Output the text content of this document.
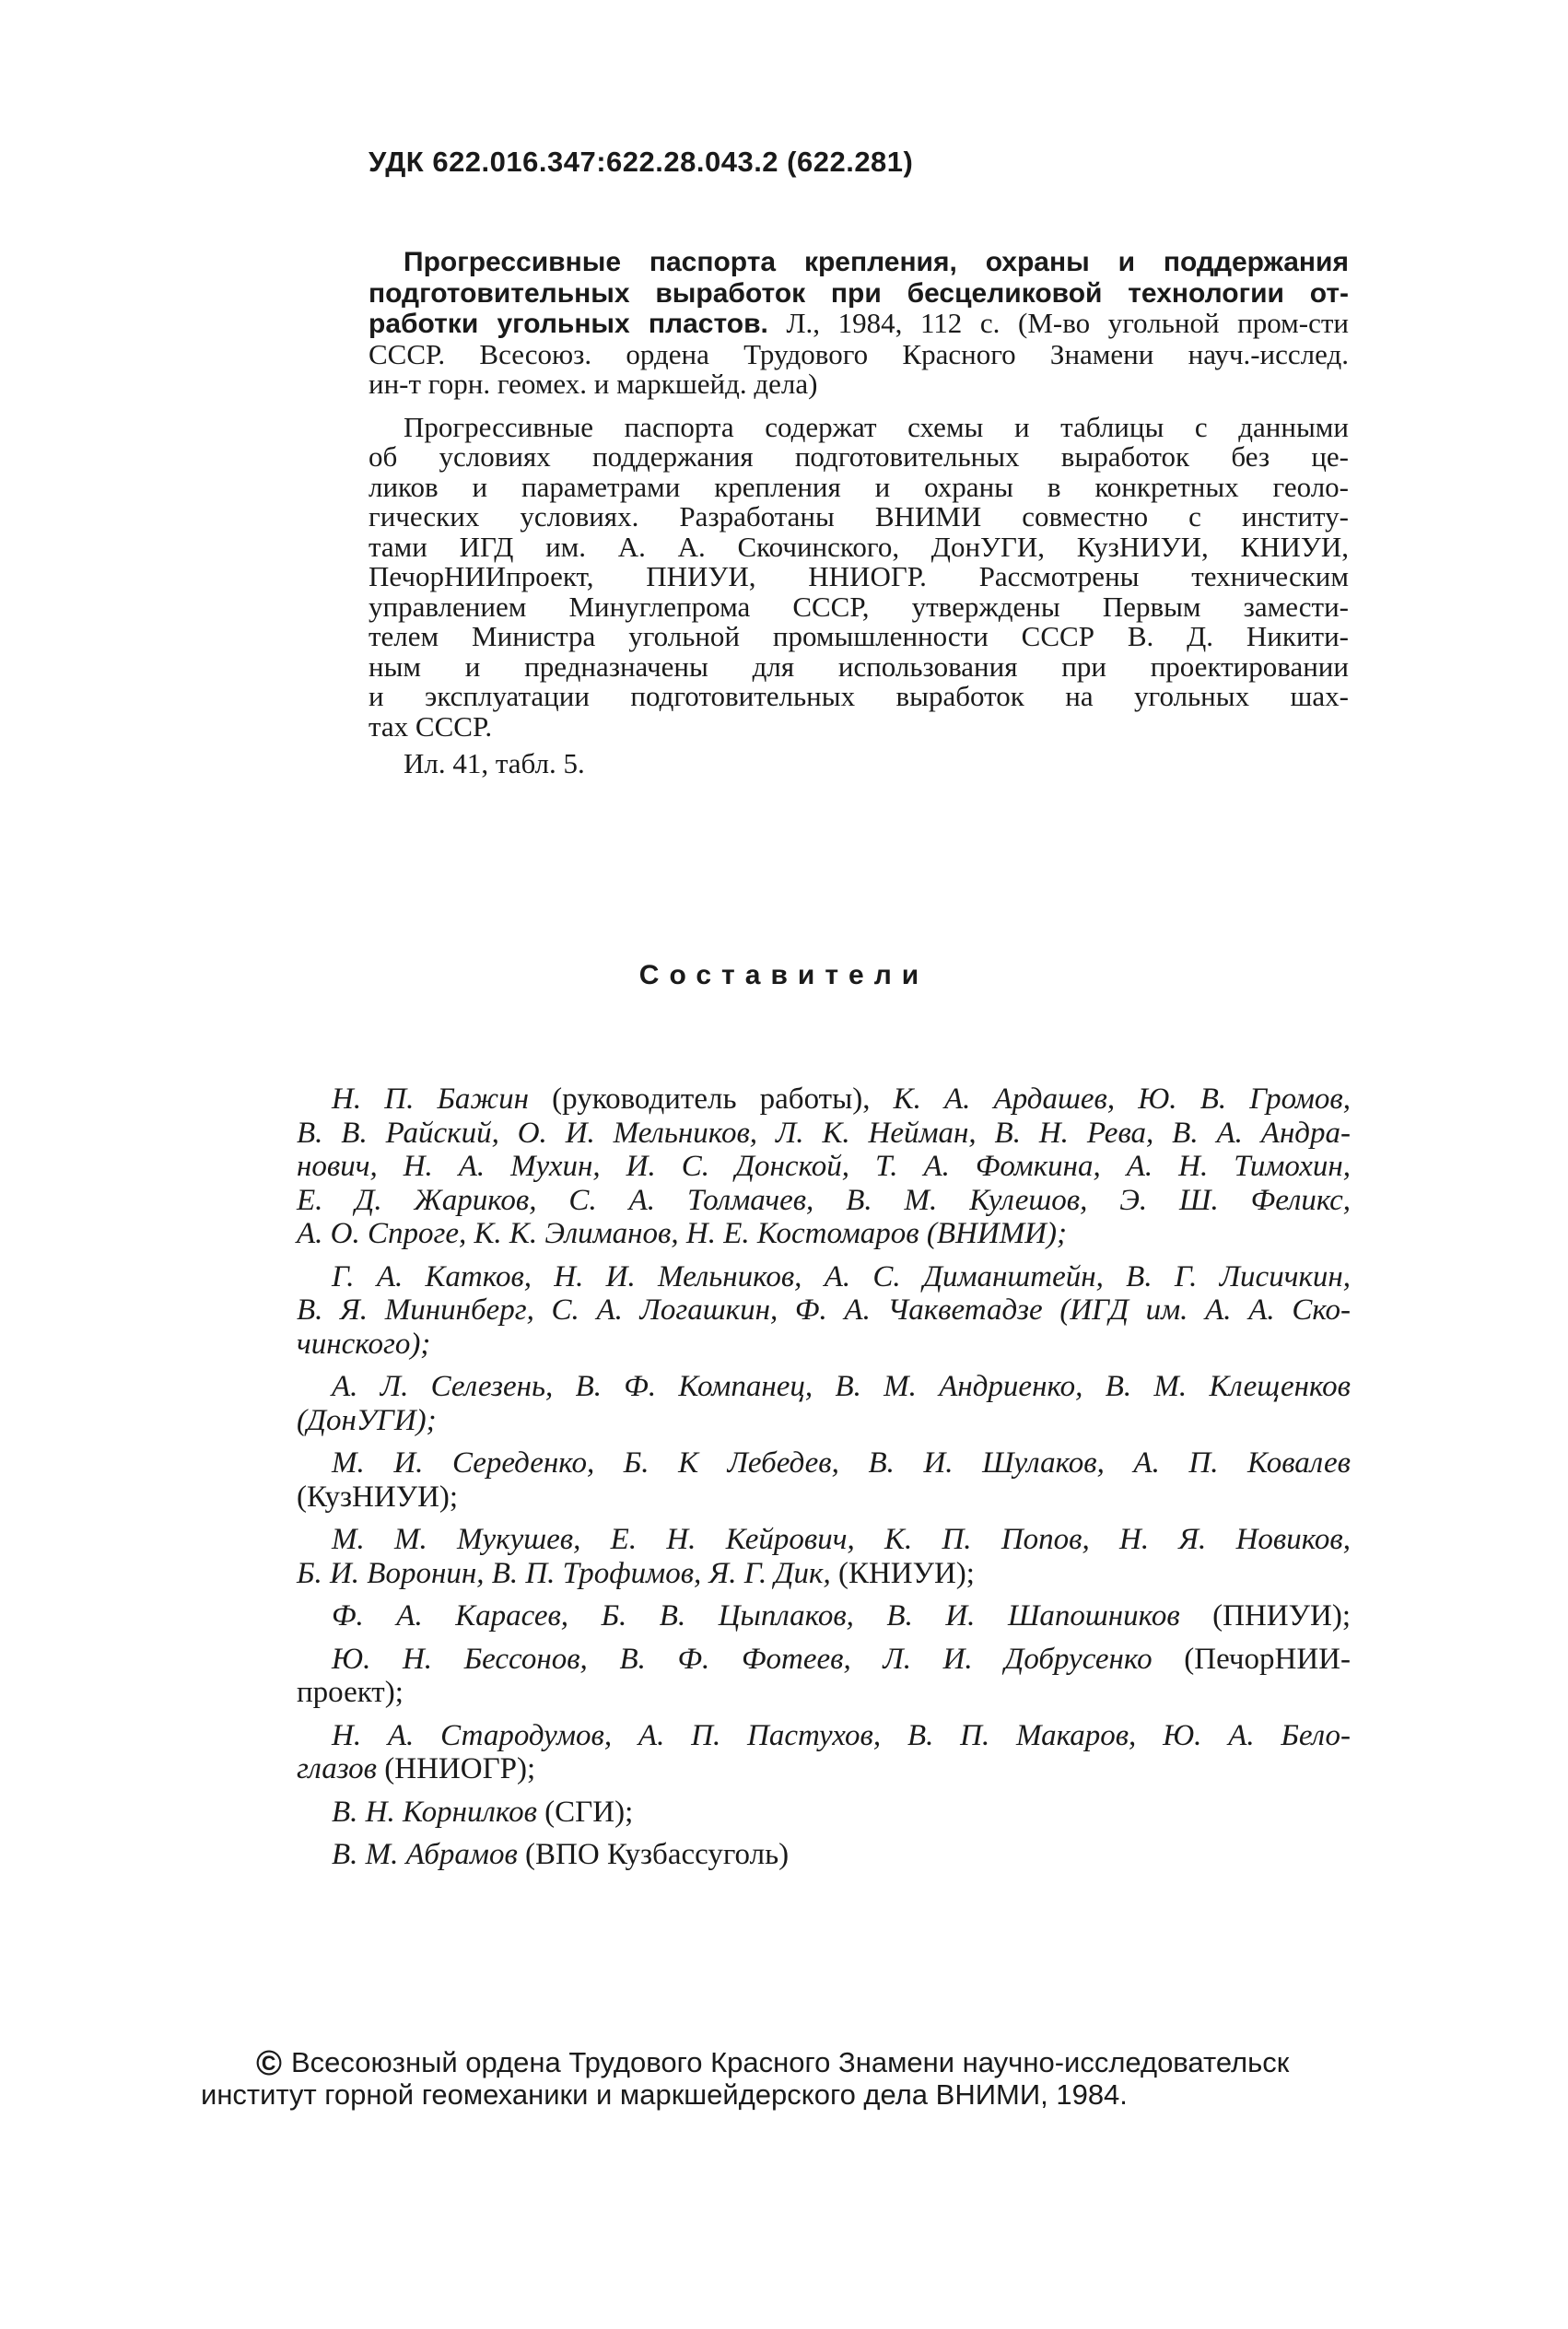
УДК 622.016.347:622.28.043.2 (622.281)
Прогрессивные паспорта крепления, охраны и поддержания
подготовительных выработок при бесцеликовой технологии от-
работки угольных пластов. Л., 1984, 112 с. (М-во угольной пром-сти
СССР. Всесоюз. ордена Трудового Красного Знамени науч.-исслед.
ин-т горн. геомех. и маркшейд. дела)
Прогрессивные паспорта содержат схемы и таблицы с данными
об условиях поддержания подготовительных выработок без це-
ликов и параметрами крепления и охраны в конкретных геоло-
гических условиях. Разработаны ВНИМИ совместно с институ-
тами ИГД им. А. А. Скочинского, ДонУГИ, КузНИУИ, КНИУИ,
ПечорНИИпроект, ПНИУИ, ННИОГР. Рассмотрены техническим
управлением Минуглепрома СССР, утверждены Первым замести-
телем Министра угольной промышленности СССР В. Д. Никити-
ным и предназначены для использования при проектировании
и эксплуатации подготовительных выработок на угольных шах-
тах СССР.
Ил. 41, табл. 5.
Составители
Н. П. Бажин (руководитель работы), К. А. Ардашев, Ю. В. Громов,
В. В. Райский, О. И. Мельников, Л. К. Нейман, В. Н. Рева, В. А. Андра-
нович, Н. А. Мухин, И. С. Донской, Т. А. Фомкина, А. Н. Тимохин,
Е. Д. Жариков, С. А. Толмачев, В. М. Кулешов, Э. Ш. Феликс,
А. О. Спроге, К. К. Элиманов, Н. Е. Костомаров (ВНИМИ);
Г. А. Катков, Н. И. Мельников, А. С. Диманштейн, В. Г. Лисичкин,
В. Я. Мининберг, С. А. Логашкин, Ф. А. Чакветадзе (ИГД им. А. А. Ско-
чинского);
А. Л. Селезень, В. Ф. Компанец, В. М. Андриенко, В. М. Клещенков
(ДонУГИ);
М. И. Середенко, Б. К Лебедев, В. И. Шулаков, А. П. Ковалев
(КузНИУИ);
М. М. Мукушев, Е. Н. Кейрович, К. П. Попов, Н. Я. Новиков,
Б. И. Воронин, В. П. Трофимов, Я. Г. Дик, (КНИУИ);
Ф. А. Карасев, Б. В. Цыплаков, В. И. Шапошников (ПНИУИ);
Ю. Н. Бессонов, В. Ф. Фотеев, Л. И. Добрусенко (ПечорНИИ-
проект);
Н. А. Стародумов, А. П. Пастухов, В. П. Макаров, Ю. А. Бело-
глазов (ННИОГР);
В. Н. Корнилков (СГИ);
В. М. Абрамов (ВПО Кузбассуголь)
© Всесоюзный ордена Трудового Красного Знамени научно-исследовательск
институт горной геомеханики и маркшейдерского дела ВНИМИ, 1984.
